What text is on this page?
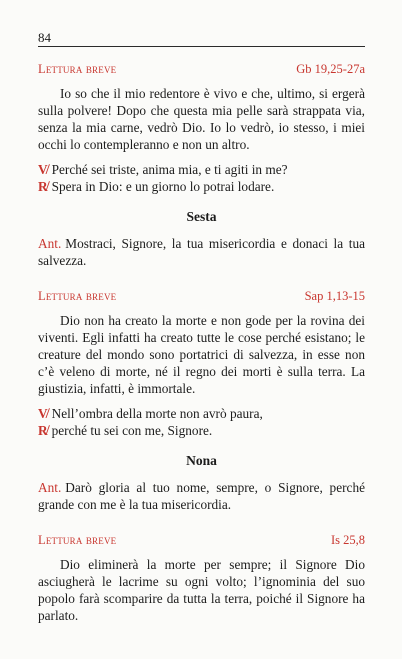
84
Lettura breve	Gb 19,25-27a
Io so che il mio redentore è vivo e che, ultimo, si ergerà sulla polvere! Dopo che questa mia pelle sarà strappata via, senza la mia carne, vedrò Dio. Io lo vedrò, io stesso, i miei occhi lo contempleranno e non un altro.
V̸ Perché sei triste, anima mia, e ti agiti in me?
R̸ Spera in Dio: e un giorno lo potrai lodare.
Sesta
Ant. Mostraci, Signore, la tua misericordia e donaci la tua salvezza.
Lettura breve	Sap 1,13-15
Dio non ha creato la morte e non gode per la rovina dei viventi. Egli infatti ha creato tutte le cose perché esistano; le creature del mondo sono portatrici di salvezza, in esse non c’è veleno di morte, né il regno dei morti è sulla terra. La giustizia, infatti, è immortale.
V̸ Nell’ombra della morte non avrò paura,
R̸ perché tu sei con me, Signore.
Nona
Ant. Darò gloria al tuo nome, sempre, o Signore, perché grande con me è la tua misericordia.
Lettura breve	Is 25,8
Dio eliminerà la morte per sempre; il Signore Dio asciugherà le lacrime su ogni volto; l’ignominia del suo popolo farà scomparire da tutta la terra, poiché il Signore ha parlato.
